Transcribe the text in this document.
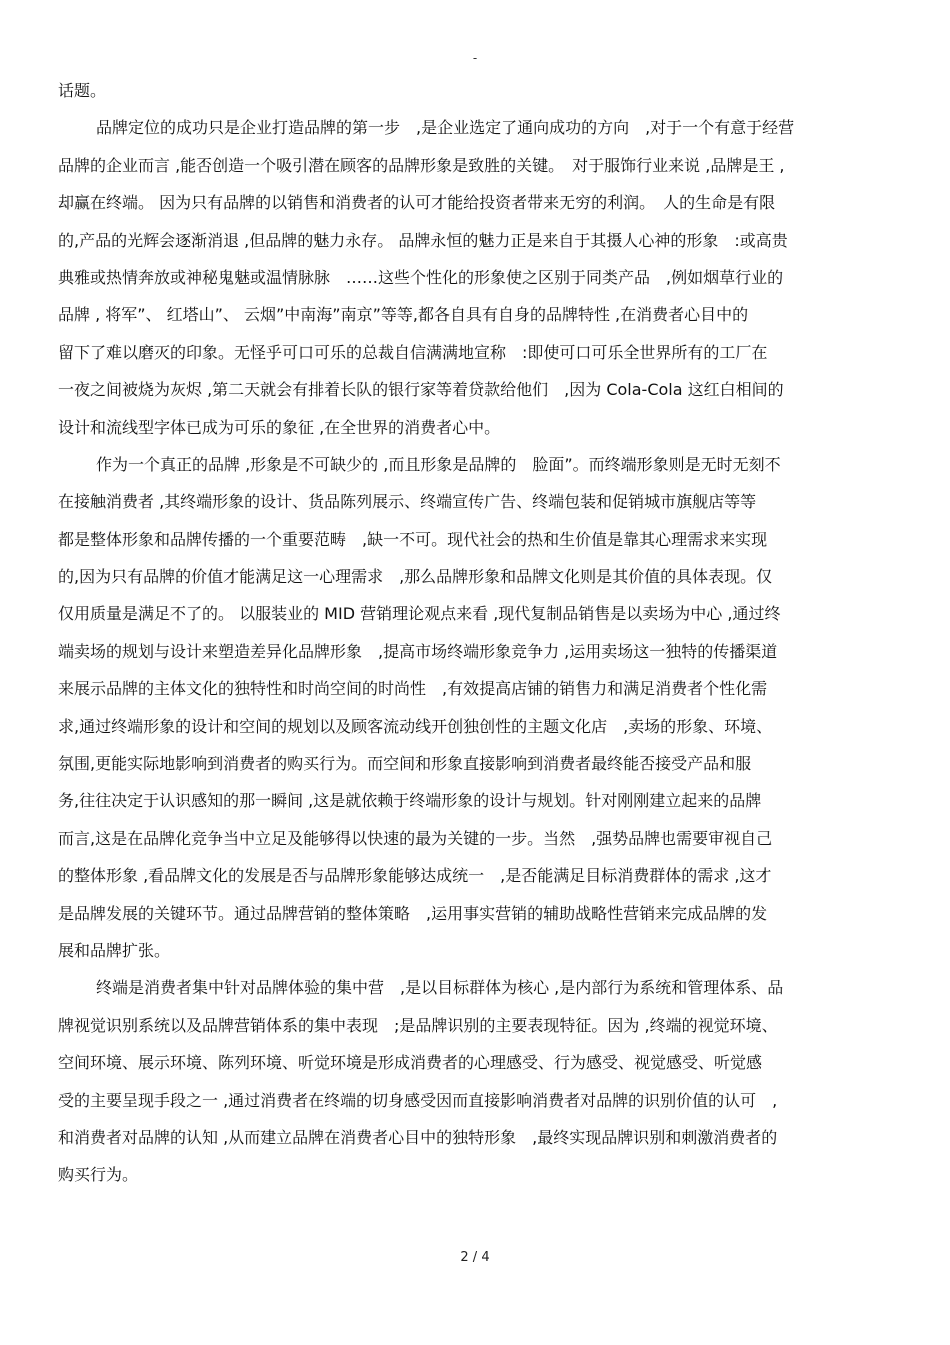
-
话题。
品牌定位的成功只是企业打造品牌的第一步　,是企业选定了通向成功的方向　,对于一个有意于经营
品牌的企业而言 ,能否创造一个吸引潜在顾客的品牌形象是致胜的关键。　对于服饰行业来说 ,品牌是王 ,
却赢在终端。 因为只有品牌的以销售和消费者的认可才能给投资者带来无穷的利润。　人的生命是有限
的,产品的光辉会逐渐消退 ,但品牌的魅力永存。 品牌永恒的魅力正是来自于其摄人心神的形象　:或高贵
典雅或热情奔放或神秘鬼魅或温情脉脉　……这些个性化的形象使之区别于同类产品　,例如烟草行业的
品牌 , 将军”、 红塔山”、 云烟”中南海”南京”等等,都各自具有自身的品牌特性 ,在消费者心目中的
留下了难以磨灭的印象。无怪乎可口可乐的总裁自信满满地宣称　:即使可口可乐全世界所有的工厂在
一夜之间被烧为灰烬 ,第二天就会有排着长队的银行家等着贷款给他们　,因为 Cola-Cola 这红白相间的
设计和流线型字体已成为可乐的象征 ,在全世界的消费者心中。
作为一个真正的品牌 ,形象是不可缺少的 ,而且形象是品牌的　脸面”。而终端形象则是无时无刻不
在接触消费者 ,其终端形象的设计、货品陈列展示、终端宣传广告、终端包装和促销城市旗舰店等等
都是整体形象和品牌传播的一个重要范畴　,缺一不可。现代社会的热和生价值是靠其心理需求来实现
的,因为只有品牌的价值才能满足这一心理需求　,那么品牌形象和品牌文化则是其价值的具体表现。仅
仅用质量是满足不了的。 以服装业的 MID 营销理论观点来看 ,现代复制品销售是以卖场为中心 ,通过终
端卖场的规划与设计来塑造差异化品牌形象　,提高市场终端形象竞争力 ,运用卖场这一独特的传播渠道
来展示品牌的主体文化的独特性和时尚空间的时尚性　,有效提高店铺的销售力和满足消费者个性化需
求,通过终端形象的设计和空间的规划以及顾客流动线开创独创性的主题文化店　,卖场的形象、环境、
氛围,更能实际地影响到消费者的购买行为。而空间和形象直接影响到消费者最终能否接受产品和服
务,往往决定于认识感知的那一瞬间 ,这是就依赖于终端形象的设计与规划。针对刚刚建立起来的品牌
而言,这是在品牌化竞争当中立足及能够得以快速的最为关键的一步。当然　,强势品牌也需要审视自己
的整体形象 ,看品牌文化的发展是否与品牌形象能够达成统一　,是否能满足目标消费群体的需求 ,这才
是品牌发展的关键环节。通过品牌营销的整体策略　,运用事实营销的辅助战略性营销来完成品牌的发
展和品牌扩张。
终端是消费者集中针对品牌体验的集中营　,是以目标群体为核心 ,是内部行为系统和管理体系、品
牌视觉识别系统以及品牌营销体系的集中表现　;是品牌识别的主要表现特征。因为 ,终端的视觉环境、
空间环境、展示环境、陈列环境、听觉环境是形成消费者的心理感受、行为感受、视觉感受、听觉感
受的主要呈现手段之一 ,通过消费者在终端的切身感受因而直接影响消费者对品牌的识别价值的认可　,
和消费者对品牌的认知 ,从而建立品牌在消费者心目中的独特形象　,最终实现品牌识别和刺激消费者的
购买行为。
2 / 4
